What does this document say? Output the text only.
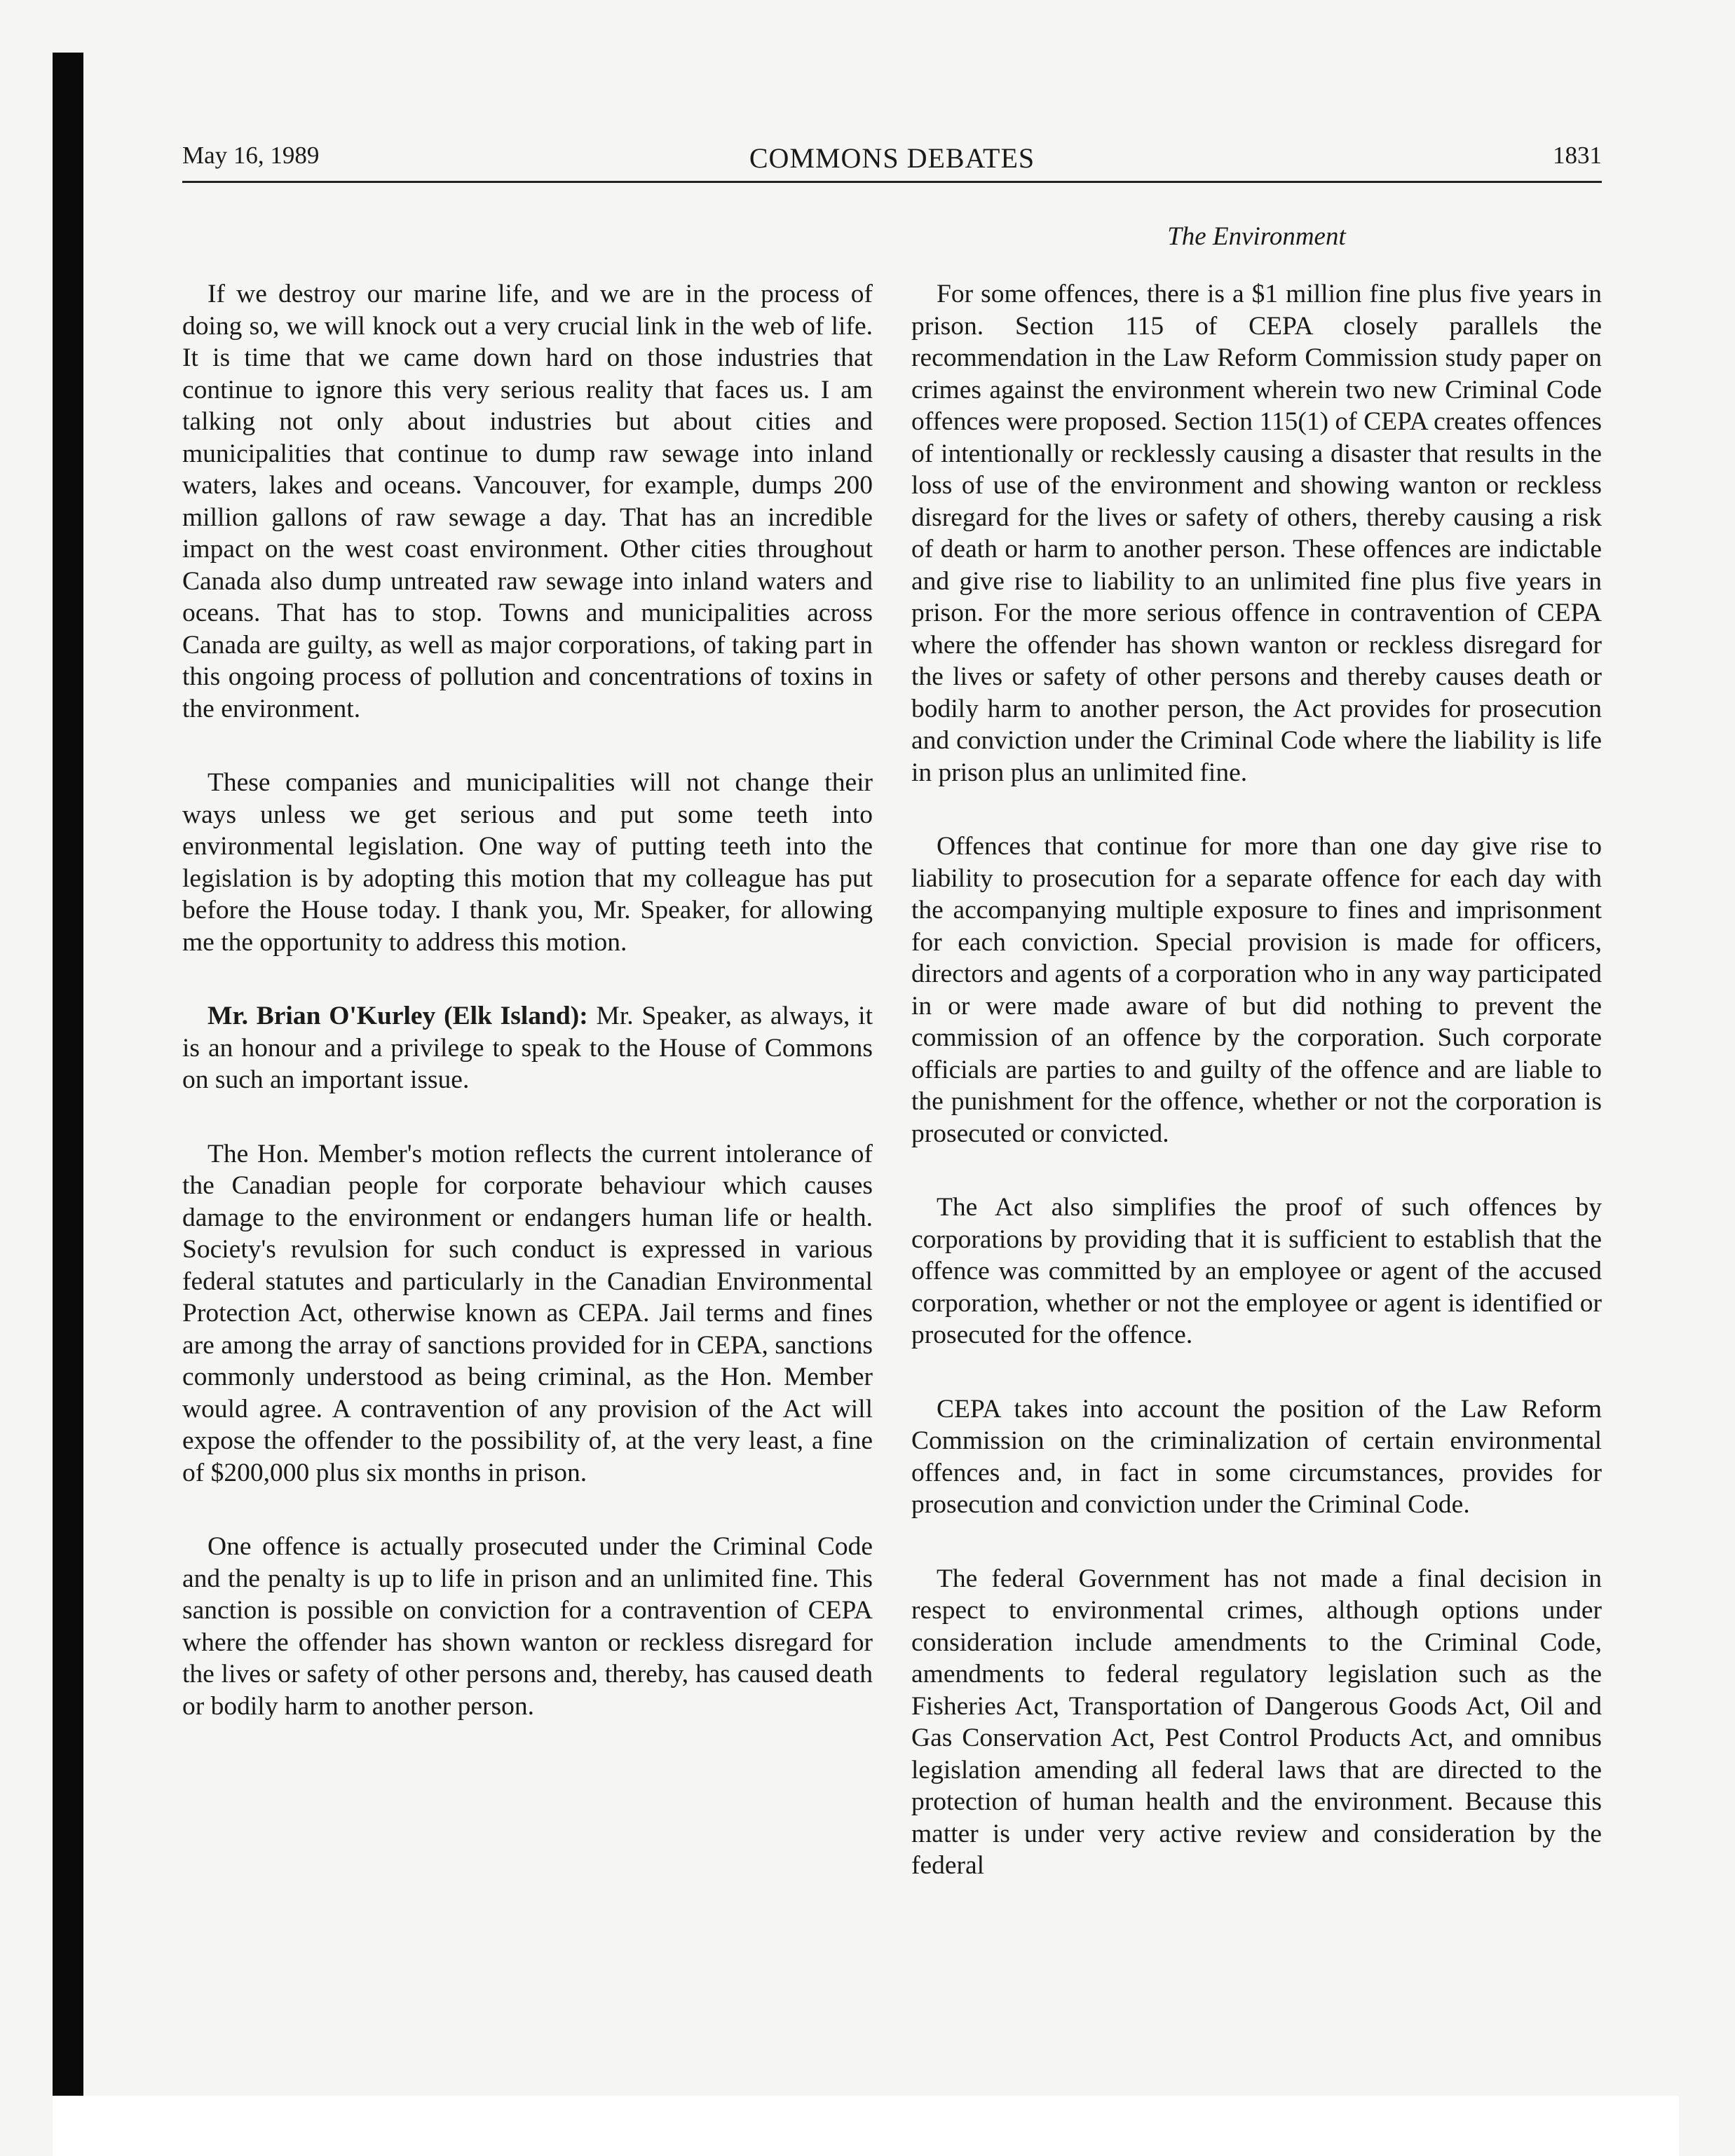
May 16, 1989	COMMONS DEBATES	1831
The Environment

If we destroy our marine life, and we are in the process of doing so, we will knock out a very crucial link in the web of life. It is time that we came down hard on those industries that continue to ignore this very serious reality that faces us. I am talking not only about industries but about cities and municipalities that continue to dump raw sewage into inland waters, lakes and oceans. Vancouver, for example, dumps 200 million gallons of raw sewage a day. That has an incredible impact on the west coast environment. Other cities throughout Canada also dump untreated raw sewage into inland waters and oceans. That has to stop. Towns and municipalities across Canada are guilty, as well as major corporations, of taking part in this ongoing process of pollution and concentrations of toxins in the environment.

These companies and municipalities will not change their ways unless we get serious and put some teeth into environmental legislation. One way of putting teeth into the legislation is by adopting this motion that my colleague has put before the House today. I thank you, Mr. Speaker, for allowing me the opportunity to address this motion.

Mr. Brian O'Kurley (Elk Island): Mr. Speaker, as always, it is an honour and a privilege to speak to the House of Commons on such an important issue.

The Hon. Member's motion reflects the current intolerance of the Canadian people for corporate behaviour which causes damage to the environment or endangers human life or health. Society's revulsion for such conduct is expressed in various federal statutes and particularly in the Canadian Environmental Protection Act, otherwise known as CEPA. Jail terms and fines are among the array of sanctions provided for in CEPA, sanctions commonly understood as being criminal, as the Hon. Member would agree. A contravention of any provision of the Act will expose the offender to the possibility of, at the very least, a fine of $200,000 plus six months in prison.

One offence is actually prosecuted under the Criminal Code and the penalty is up to life in prison and an unlimited fine. This sanction is possible on conviction for a contravention of CEPA where the offender has shown wanton or reckless disregard for the lives or safety of other persons and, thereby, has caused death or bodily harm to another person.

For some offences, there is a $1 million fine plus five years in prison. Section 115 of CEPA closely parallels the recommendation in the Law Reform Commission study paper on crimes against the environment wherein two new Criminal Code offences were proposed. Section 115(1) of CEPA creates offences of intentionally or recklessly causing a disaster that results in the loss of use of the environment and showing wanton or reckless disregard for the lives or safety of others, thereby causing a risk of death or harm to another person. These offences are indictable and give rise to liability to an unlimited fine plus five years in prison. For the more serious offence in contravention of CEPA where the offender has shown wanton or reckless disregard for the lives or safety of other persons and thereby causes death or bodily harm to another person, the Act provides for prosecution and conviction under the Criminal Code where the liability is life in prison plus an unlimited fine.

Offences that continue for more than one day give rise to liability to prosecution for a separate offence for each day with the accompanying multiple exposure to fines and imprisonment for each conviction. Special provision is made for officers, directors and agents of a corporation who in any way participated in or were made aware of but did nothing to prevent the commission of an offence by the corporation. Such corporate officials are parties to and guilty of the offence and are liable to the punishment for the offence, whether or not the corporation is prosecuted or convicted.

The Act also simplifies the proof of such offences by corporations by providing that it is sufficient to establish that the offence was committed by an employee or agent of the accused corporation, whether or not the employee or agent is identified or prosecuted for the offence.

CEPA takes into account the position of the Law Reform Commission on the criminalization of certain environmental offences and, in fact in some circumstances, provides for prosecution and conviction under the Criminal Code.

The federal Government has not made a final decision in respect to environmental crimes, although options under consideration include amendments to the Criminal Code, amendments to federal regulatory legislation such as the Fisheries Act, Transportation of Dangerous Goods Act, Oil and Gas Conservation Act, Pest Control Products Act, and omnibus legislation amending all federal laws that are directed to the protection of human health and the environment. Because this matter is under very active review and consideration by the federal
